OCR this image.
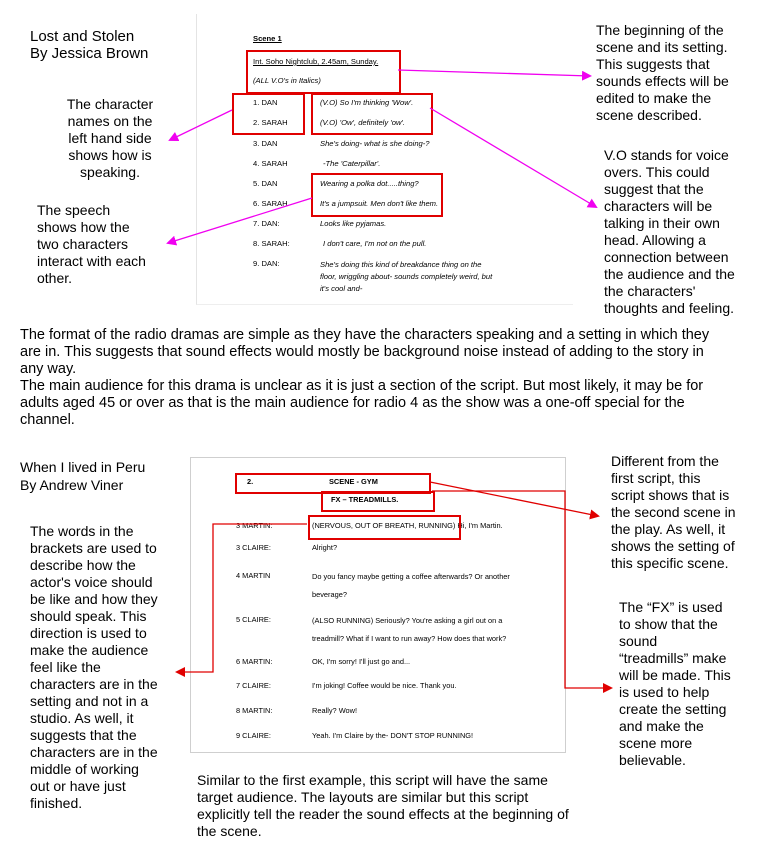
Lost and Stolen
By Jessica Brown
Scene 1
Int. Soho Nightclub, 2.45am, Sunday.
(ALL V.O's in Italics)
1. DAN	(V.O) So I'm thinking 'Wow'.
2. SARAH	(V.O) 'Ow', definitely 'ow'.
3. DAN	She's doing- what is she doing-?
4. SARAH	-The 'Caterpillar'.
5. DAN	Wearing a polka dot.....thing?
6. SARAH	It's a jumpsuit. Men don't like them.
7. DAN:	Looks like pyjamas.
8. SARAH:	I don't care, I'm not on the pull.
9. DAN:	She's doing this kind of breakdance thing on the
floor, wriggling about- sounds completely weird, but
it's cool and-
The character
names on the
left hand side
shows how is
speaking.
The speech
shows how the
two characters
interact with each
other.
The beginning of the
scene and its setting.
This suggests that
sounds effects will be
edited to make the
scene described.
V.O stands for voice
overs. This could
suggest that the
characters will be
talking in their own
head. Allowing a
connection between
the audience and the
the characters'
thoughts and feeling.
The format of the radio dramas are simple as they have the characters speaking and a setting in which they
are in. This suggests that sound effects would mostly be background noise instead of adding to the story in
any way.
The main audience for this drama is unclear as it is just a section of the script. But most likely, it may be for
adults aged 45 or over as that is the main audience for radio 4 as the show was a one-off special for the
channel.
When I lived in Peru
By Andrew Viner	2.	SCENE - GYM
FX – TREADMILLS.
3 MARTIN:	(NERVOUS, OUT OF BREATH, RUNNING) Hi, I'm Martin.
3 CLAIRE:	Alright?
4 MARTIN	Do you fancy maybe getting a coffee afterwards? Or another
beverage?
5 CLAIRE:	(ALSO RUNNING) Seriously? You're asking a girl out on a
treadmill? What if I want to run away? How does that work?
6 MARTIN:	OK, I'm sorry! I'll just go and...
7 CLAIRE:	I'm joking! Coffee would be nice. Thank you.
8 MARTIN:	Really? Wow!
9 CLAIRE:	Yeah. I'm Claire by the- DON'T STOP RUNNING!
The words in the
brackets are used to
describe how the
actor's voice should
be like and how they
should speak. This
direction is used to
make the audience
feel like the
characters are in the
setting and not in a
studio. As well, it
suggests that the
characters are in the
middle of working
out or have just
finished.
Different from the
first script, this
script shows that is
the second scene in
the play. As well, it
shows the setting of
this specific scene.
The “FX” is used
to show that the
sound
“treadmills” make
will be made. This
is used to help
create the setting
and make the
scene more
believable.
Similar to the first example, this script will have the same
target audience. The layouts are similar but this script
explicitly tell the reader the sound effects at the beginning of
the scene.
